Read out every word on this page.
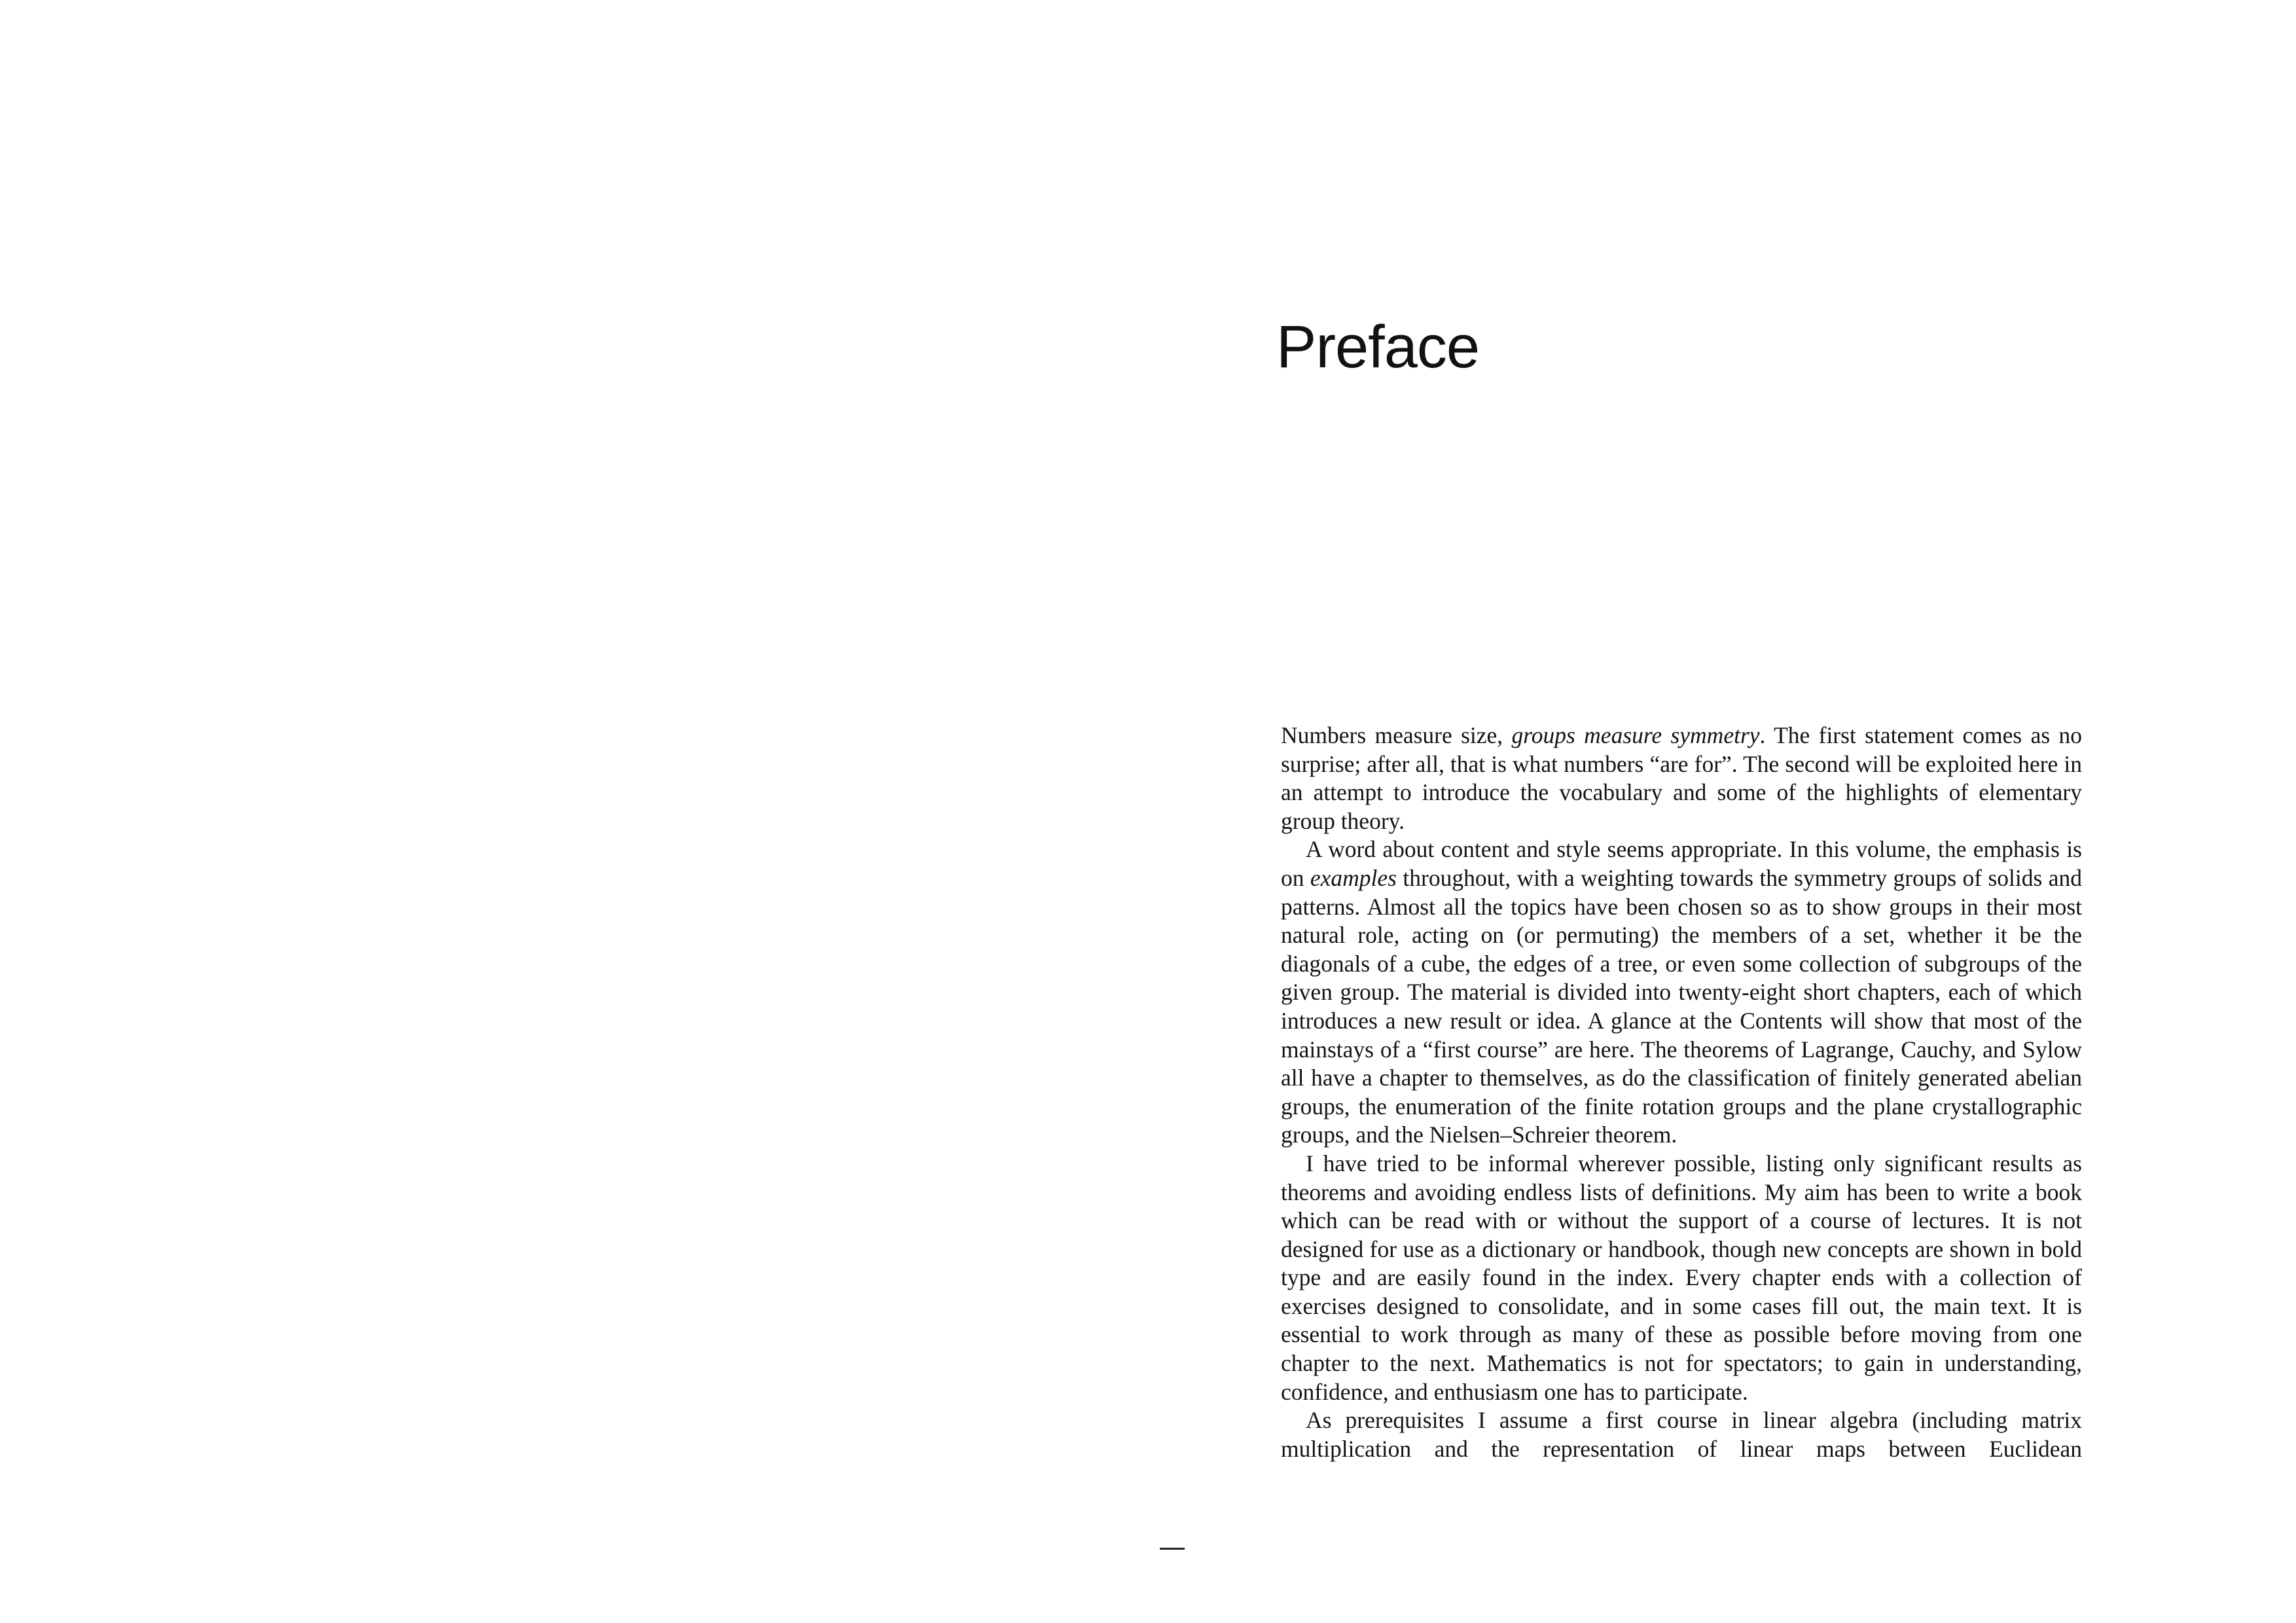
Preface

Numbers measure size, groups measure symmetry. The first statement comes as no surprise; after all, that is what numbers “are for”. The second will be exploited here in an attempt to introduce the vocabulary and some of the highlights of elementary group theory.

A word about content and style seems appropriate. In this volume, the emphasis is on examples throughout, with a weighting towards the symmetry groups of solids and patterns. Almost all the topics have been chosen so as to show groups in their most natural role, acting on (or permuting) the members of a set, whether it be the diagonals of a cube, the edges of a tree, or even some collection of subgroups of the given group. The material is divided into twenty-eight short chapters, each of which introduces a new result or idea. A glance at the Contents will show that most of the mainstays of a “first course” are here. The theorems of Lagrange, Cauchy, and Sylow all have a chapter to themselves, as do the classification of finitely generated abelian groups, the enumeration of the finite rotation groups and the plane crystallographic groups, and the Nielsen–Schreier theorem.

I have tried to be informal wherever possible, listing only significant results as theorems and avoiding endless lists of definitions. My aim has been to write a book which can be read with or without the support of a course of lectures. It is not designed for use as a dictionary or handbook, though new concepts are shown in bold type and are easily found in the index. Every chapter ends with a collection of exercises designed to consolidate, and in some cases fill out, the main text. It is essential to work through as many of these as possible before moving from one chapter to the next. Mathematics is not for spectators; to gain in understanding, confidence, and enthusiasm one has to participate.

As prerequisites I assume a first course in linear algebra (including matrix multiplication and the representation of linear maps between Euclidean
